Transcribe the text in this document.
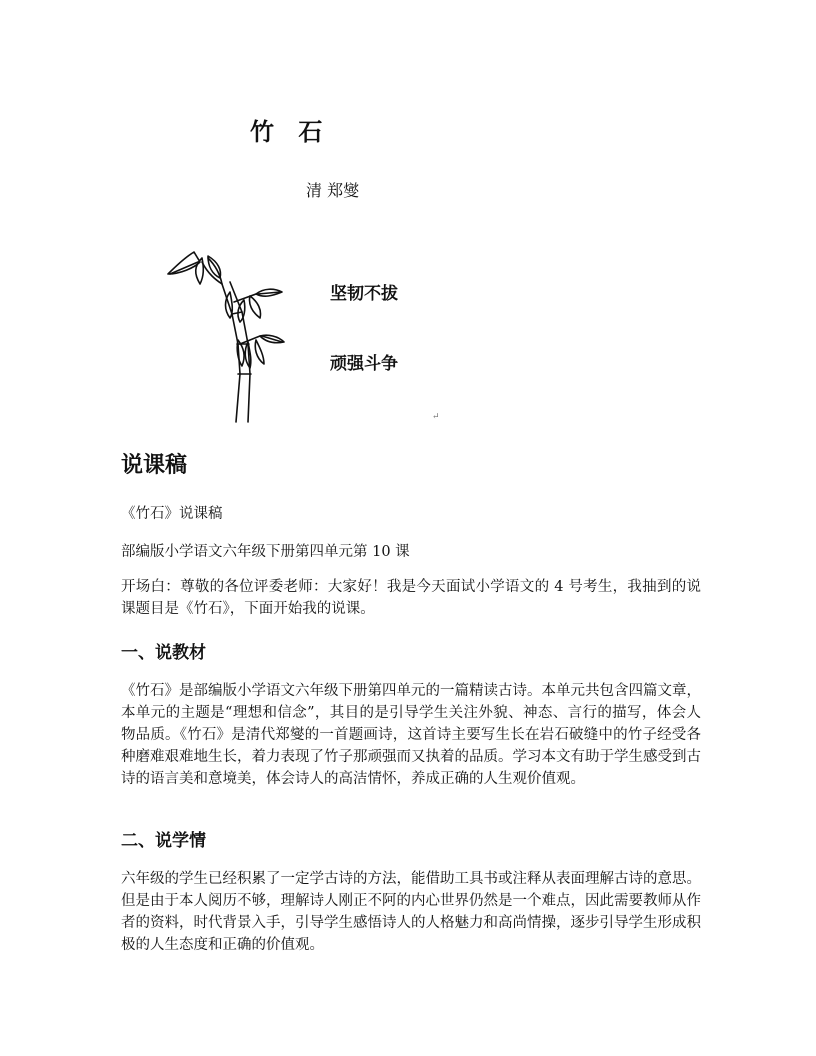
竹 石
清 郑燮
坚韧不拔
顽强斗争
↵
说课稿
《竹石》说课稿
部编版小学语文六年级下册第四单元第 10 课
开场白：尊敬的各位评委老师：大家好！我是今天面试小学语文的 4 号考生，我抽到的说课题目是《竹石》，下面开始我的说课。
一、说教材
《竹石》是部编版小学语文六年级下册第四单元的一篇精读古诗。本单元共包含四篇文章，本单元的主题是“理想和信念”，其目的是引导学生关注外貌、神态、言行的描写，体会人物品质。《竹石》是清代郑燮的一首题画诗，这首诗主要写生长在岩石破缝中的竹子经受各种磨难艰难地生长，着力表现了竹子那顽强而又执着的品质。学习本文有助于学生感受到古诗的语言美和意境美，体会诗人的高洁情怀，养成正确的人生观价值观。
二、说学情
六年级的学生已经积累了一定学古诗的方法，能借助工具书或注释从表面理解古诗的意思。但是由于本人阅历不够，理解诗人刚正不阿的内心世界仍然是一个难点，因此需要教师从作者的资料，时代背景入手，引导学生感悟诗人的人格魅力和高尚情操，逐步引导学生形成积极的人生态度和正确的价值观。
